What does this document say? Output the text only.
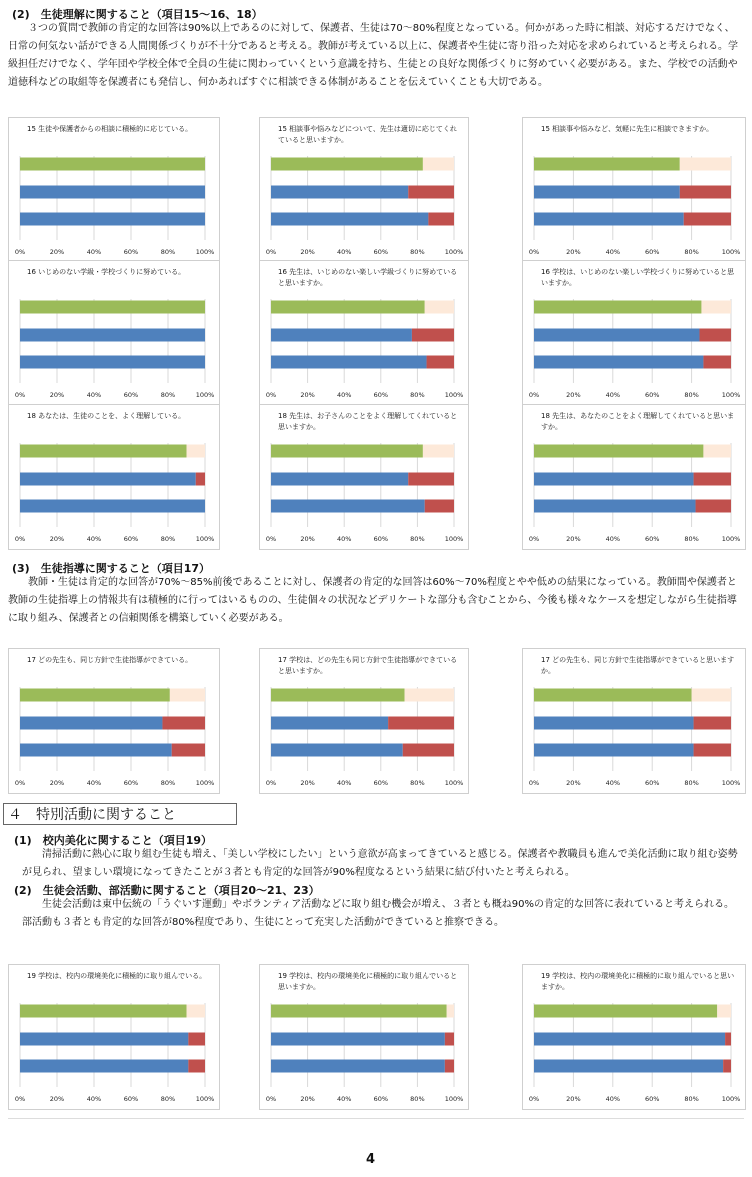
(2)　生徒理解に関すること（項目15～16、18）
３つの質問で教師の肯定的な回答は90%以上であるのに対して、保護者、生徒は70～80%程度となっている。何かがあった時に相談、対応するだけでなく、日常の何気ない話ができる人間関係づくりが不十分であると考える。教師が考えている以上に、保護者や生徒に寄り沿った対応を求められていると考えられる。学級担任だけでなく、学年団や学校全体で全員の生徒に関わっていくという意識を持ち、生徒との良好な関係づくりに努めていく必要がある。また、学校での活動や道徳科などの取組等を保護者にも発信し、何かあればすぐに相談できる体制があることを伝えていくことも大切である。
15 生徒や保護者からの相談に積極的に応じている。
0%	20%	40%	60%	80%	100%
15 相談事や悩みなどについて、先生は適切に応じてくれていると思いますか。
0%	20%	40%	60%	80%	100%
15 相談事や悩みなど、気軽に先生に相談できますか。
0%	20%	40%	60%	80%	100%
16 いじめのない学級・学校づくりに努めている。
0%	20%	40%	60%	80%	100%
16 先生は、いじめのない楽しい学級づくりに努めていると思いますか。
0%	20%	40%	60%	80%	100%
16 学校は、いじめのない楽しい学校づくりに努めていると思いますか。
0%	20%	40%	60%	80%	100%
18 あなたは、生徒のことを、よく理解している。
0%	20%	40%	60%	80%	100%
18 先生は、お子さんのことをよく理解してくれていると思いますか。
0%	20%	40%	60%	80%	100%
18 先生は、あなたのことをよく理解してくれていると思いますか。
0%	20%	40%	60%	80%	100%
(3)　生徒指導に関すること（項目17）
教師・生徒は肯定的な回答が70%～85%前後であることに対し、保護者の肯定的な回答は60%～70%程度とやや低めの結果になっている。教師間や保護者と教師の生徒指導上の情報共有は積極的に行ってはいるものの、生徒個々の状況などデリケートな部分も含むことから、今後も様々なケースを想定しながら生徒指導に取り組み、保護者との信頼関係を構築していく必要がある。
17 どの先生も、同じ方針で生徒指導ができている。
0%	20%	40%	60%	80%	100%
17 学校は、どの先生も同じ方針で生徒指導ができていると思いますか。
0%	20%	40%	60%	80%	100%
17 どの先生も、同じ方針で生徒指導ができていると思いますか。
0%	20%	40%	60%	80%	100%
４　特別活動に関すること
(1)　校内美化に関すること（項目19）
清掃活動に熱心に取り組む生徒も増え、「美しい学校にしたい」という意欲が高まってきていると感じる。保護者や教職員も進んで美化活動に取り組む姿勢が見られ、望ましい環境になってきたことが３者とも肯定的な回答が90%程度なるという結果に結び付いたと考えられる。
(2)　生徒会活動、部活動に関すること（項目20～21、23）
生徒会活動は東中伝統の「うぐいす運動」やボランティア活動などに取り組む機会が増え、３者とも概ね90%の肯定的な回答に表れていると考えられる。部活動も３者とも肯定的な回答が80%程度であり、生徒にとって充実した活動ができていると推察できる。
19 学校は、校内の環境美化に積極的に取り組んでいる。
0%	20%	40%	60%	80%	100%
19 学校は、校内の環境美化に積極的に取り組んでいると思いますか。
0%	20%	40%	60%	80%	100%
19 学校は、校内の環境美化に積極的に取り組んでいると思いますか。
0%	20%	40%	60%	80%	100%
4
